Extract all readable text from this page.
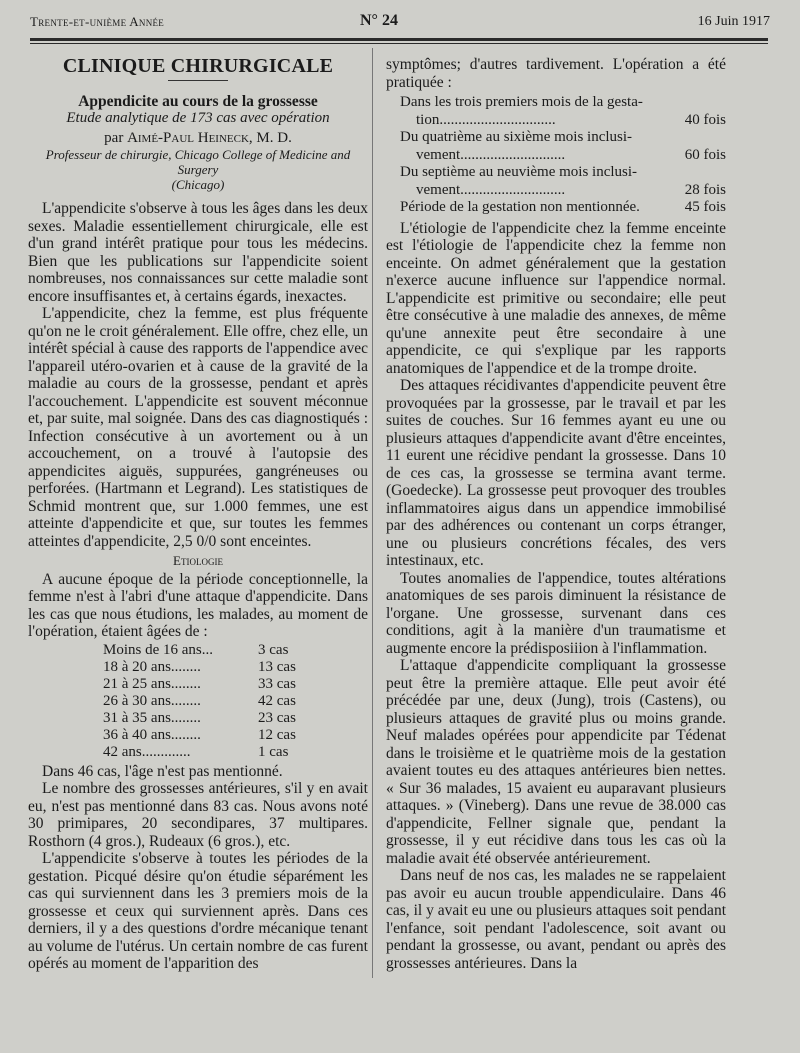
Trente-et-unième Année	N° 24	16 Juin 1917
CLINIQUE CHIRURGICALE
Appendicite au cours de la grossesse
Etude analytique de 173 cas avec opération
par Aimé-Paul Heineck, M. D.
Professeur de chirurgie, Chicago College of Medicine and Surgery
(Chicago)

L'appendicite s'observe à tous les âges dans les deux sexes. Maladie essentiellement chirurgicale, elle est d'un grand intérêt pratique pour tous les médecins. Bien que les publications sur l'appendicite soient nombreuses, nos connaissances sur cette maladie sont encore insuffisantes et, à certains égards, inexactes.

L'appendicite, chez la femme, est plus fréquente qu'on ne le croit généralement. Elle offre, chez elle, un intérêt spécial à cause des rapports de l'appendice avec l'appareil utéro-ovarien et à cause de la gravité de la maladie au cours de la grossesse, pendant et après l'accouchement. L'appendicite est souvent méconnue et, par suite, mal soignée. Dans des cas diagnostiqués : Infection consécutive à un avortement ou à un accouchement, on a trouvé à l'autopsie des appendicites aiguës, suppurées, gangréneuses ou perforées. (Hartmann et Legrand). Les statistiques de Schmid montrent que, sur 1.000 femmes, une est atteinte d'appendicite et que, sur toutes les femmes atteintes d'appendicite, 2,5 0/0 sont enceintes.

Etiologie

A aucune époque de la période conceptionnelle, la femme n'est à l'abri d'une attaque d'appendicite. Dans les cas que nous étudions, les malades, au moment de l'opération, étaient âgées de :

Moins de 16 ans...	3 cas
18 à 20 ans........	13 cas
21 à 25 ans........	33 cas
26 à 30 ans........	42 cas
31 à 35 ans........	23 cas
36 à 40 ans........	12 cas
42 ans.............	1 cas

Dans 46 cas, l'âge n'est pas mentionné.

Le nombre des grossesses antérieures, s'il y en avait eu, n'est pas mentionné dans 83 cas. Nous avons noté 30 primipares, 20 secondipares, 37 multipares. Rosthorn (4 gros.), Rudeaux (6 gros.), etc.

L'appendicite s'observe à toutes les périodes de la gestation. Picqué désire qu'on étudie séparément les cas qui surviennent dans les 3 premiers mois de la grossesse et ceux qui surviennent après. Dans ces derniers, il y a des questions d'ordre mécanique tenant au volume de l'utérus. Un certain nombre de cas furent opérés au moment de l'apparition des

symptômes; d'autres tardivement. L'opération a été pratiquée :

Dans les trois premiers mois de la gesta-
tion...............................	40 fois
Du quatrième au sixième mois inclusi-
vement............................	60 fois
Du septième au neuvième mois inclusi-
vement............................	28 fois
Période de la gestation non mentionnée.	45 fois

L'étiologie de l'appendicite chez la femme enceinte est l'étiologie de l'appendicite chez la femme non enceinte. On admet généralement que la gestation n'exerce aucune influence sur l'appendice normal. L'appendicite est primitive ou secondaire; elle peut être consécutive à une maladie des annexes, de même qu'une annexite peut être secondaire à une appendicite, ce qui s'explique par les rapports anatomiques de l'appendice et de la trompe droite.

Des attaques récidivantes d'appendicite peuvent être provoquées par la grossesse, par le travail et par les suites de couches. Sur 16 femmes ayant eu une ou plusieurs attaques d'appendicite avant d'être enceintes, 11 eurent une récidive pendant la grossesse. Dans 10 de ces cas, la grossesse se termina avant terme. (Goedecke). La grossesse peut provoquer des troubles inflammatoires aigus dans un appendice immobilisé par des adhérences ou contenant un corps étranger, une ou plusieurs concrétions fécales, des vers intestinaux, etc.

Toutes anomalies de l'appendice, toutes altérations anatomiques de ses parois diminuent la résistance de l'organe. Une grossesse, survenant dans ces conditions, agit à la manière d'un traumatisme et augmente encore la prédisposiiion à l'inflammation.

L'attaque d'appendicite compliquant la grossesse peut être la première attaque. Elle peut avoir été précédée par une, deux (Jung), trois (Castens), ou plusieurs attaques de gravité plus ou moins grande. Neuf malades opérées pour appendicite par Tédenat dans le troisième et le quatrième mois de la gestation avaient toutes eu des attaques antérieures bien nettes. « Sur 36 malades, 15 avaient eu auparavant plusieurs attaques. » (Vineberg). Dans une revue de 38.000 cas d'appendicite, Fellner signale que, pendant la grossesse, il y eut récidive dans tous les cas où la maladie avait été observée antérieurement.

Dans neuf de nos cas, les malades ne se rappelaient pas avoir eu aucun trouble appendiculaire. Dans 46 cas, il y avait eu une ou plusieurs attaques soit pendant l'enfance, soit pendant l'adolescence, soit avant ou pendant la grossesse, ou avant, pendant ou après des grossesses antérieures. Dans la
